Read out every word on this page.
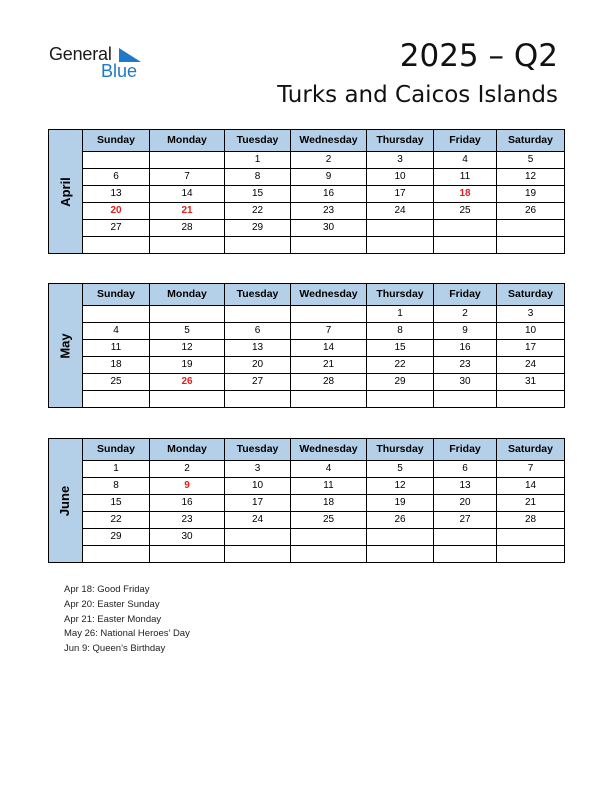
General
Blue	2025 – Q2
Turks and Caicos Islands
April	Sunday	Monday	Tuesday	Wednesday	Thursday	Friday	Saturday
			1	2	3	4	5
	6	7	8	9	10	11	12
	13	14	15	16	17	18	19
	20	21	22	23	24	25	26
	27	28	29	30			

May	Sunday	Monday	Tuesday	Wednesday	Thursday	Friday	Saturday
					1	2	3
	4	5	6	7	8	9	10
	11	12	13	14	15	16	17
	18	19	20	21	22	23	24
	25	26	27	28	29	30	31

June	Sunday	Monday	Tuesday	Wednesday	Thursday	Friday	Saturday
	1	2	3	4	5	6	7
	8	9	10	11	12	13	14
	15	16	17	18	19	20	21
	22	23	24	25	26	27	28
	29	30					

Apr 18: Good Friday
Apr 20: Easter Sunday
Apr 21: Easter Monday
May 26: National Heroes’ Day
Jun 9: Queen’s Birthday
